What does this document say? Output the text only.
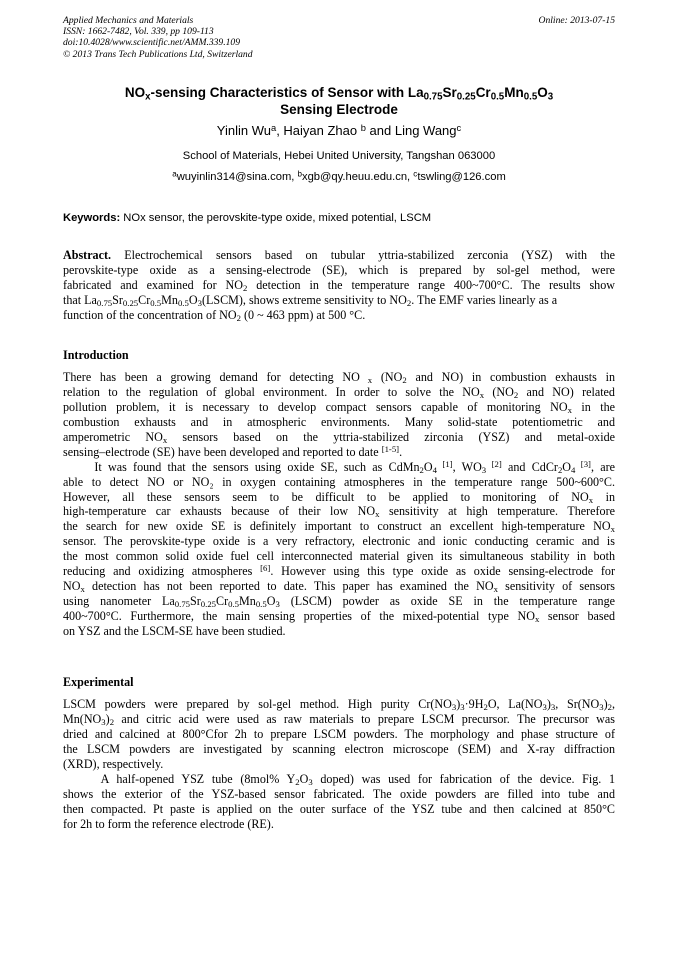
Applied Mechanics and Materials
ISSN: 1662-7482, Vol. 339, pp 109-113
doi:10.4028/www.scientific.net/AMM.339.109
© 2013 Trans Tech Publications Ltd, Switzerland
Online: 2013-07-15
$NO_x$-sensing Characteristics of Sensor with $La_{0.75}Sr_{0.25}Cr_{0.5}Mn_{0.5}O_3$
Sensing Electrode
Yinlin Wu$^a$, Haiyan Zhao $^b$ and Ling Wang$^c$
School of Materials, Hebei United University, Tangshan 063000
$^a$wuyinlin314@sina.com, $^b$xgb@qy.heuu.edu.cn, $^c$tswling@126.com
Keywords: NOx sensor, the perovskite-type oxide, mixed potential, LSCM
Abstract. Electrochemical sensors based on tubular yttria-stabilized zerconia (YSZ) with the
perovskite-type oxide as a sensing-electrode (SE), which is prepared by sol-gel method, were
fabricated and examined for $NO_2$ detection in the temperature range 400~700°C. The results show
that $La_{0.75}Sr_{0.25}Cr_{0.5}Mn_{0.5}O_3(LSCM)$, shows extreme sensitivity to $NO_2$. The EMF varies linearly as a
function of the concentration of $NO_2$ (0 ~ 463 ppm) at 500 °C.
Introduction
There has been a growing demand for detecting NO $_x$ ($NO_2$ and NO) in combustion exhausts in
relation to the regulation of global environment. In order to solve the $NO_x$ ($NO_2$ and NO) related
pollution problem, it is necessary to develop compact sensors capable of monitoring $NO_x$ in the
combustion exhausts and in atmospheric environments. Many solid-state potentiometric and
amperometric $NO_x$ sensors based on the yttria-stabilized zirconia (YSZ) and metal-oxide
sensing–electrode (SE) have been developed and reported to date [1-5].
It was found that the sensors using oxide SE, such as $CdMn_2O_4$ [1], $WO_3$ [2] and $CdCr_2O_4$ [3], are
able to detect NO or NO₂ in oxygen containing atmospheres in the temperature range 500~600°C.
However, all these sensors seem to be difficult to be applied to monitoring of $NO_x$ in
high-temperature car exhausts because of their low $NO_x$ sensitivity at high temperature. Therefore
the search for new oxide SE is definitely important to construct an excellent high-temperature $NO_x$
sensor. The perovskite-type oxide is a very refractory, electronic and ionic conducting ceramic and is
the most common solid oxide fuel cell interconnected material given its simultaneous stability in both
reducing and oxidizing atmospheres [6]. However using this type oxide as oxide sensing-electrode for
$NO_x$ detection has not been reported to date. This paper has examined the $NO_x$ sensitivity of sensors
using nanometer $La_{0.75}Sr_{0.25}Cr_{0.5}Mn_{0.5}O_3$ (LSCM) powder as oxide SE in the temperature range
400~700°C. Furthermore, the main sensing properties of the mixed-potential type $NO_x$ sensor based
on YSZ and the LSCM-SE have been studied.
Experimental
LSCM powders were prepared by sol-gel method. High purity $Cr(NO_3)_3\cdot 9H_2O$, $La(NO_3)_3$, $Sr(NO_3)_2$,
$Mn(NO_3)_2$ and citric acid were used as raw materials to prepare LSCM precursor. The precursor was
dried and calcined at 800°Cfor 2h to prepare LSCM powders. The morphology and phase structure of
the LSCM powders are investigated by scanning electron microscope (SEM) and X-ray diffraction
(XRD), respectively.
A half-opened YSZ tube (8mol% $Y_2O_3$ doped) was used for fabrication of the device. Fig. 1
shows the exterior of the YSZ-based sensor fabricated. The oxide powders are filled into tube and
then compacted. Pt paste is applied on the outer surface of the YSZ tube and then calcined at 850°C
for 2h to form the reference electrode (RE).
